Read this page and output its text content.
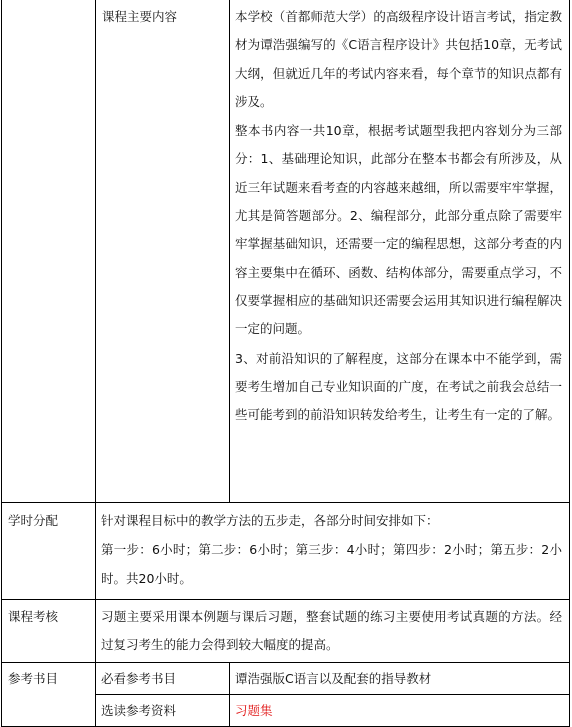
课程主要内容	本学校（首都师范大学）的高级程序设计语言考试，指定教材为谭浩强编写的《C语言程序设计》共包括10章，无考试大纲，但就近几年的考试内容来看，每个章节的知识点都有涉及。

整本书内容一共10章，根据考试题型我把内容划分为三部分：1、基础理论知识，此部分在整本书都会有所涉及，从近三年试题来看考查的内容越来越细，所以需要牢牢掌握，尤其是简答题部分。2、编程部分，此部分重点除了需要牢牢掌握基础知识，还需要一定的编程思想，这部分考查的内容主要集中在循环、函数、结构体部分，需要重点学习，不仅要掌握相应的基础知识还需要会运用其知识进行编程解决一定的问题。

3、对前沿知识的了解程度，这部分在课本中不能学到，需要考生增加自己专业知识面的广度，在考试之前我会总结一些可能考到的前沿知识转发给考生，让考生有一定的了解。

学时分配	针对课程目标中的教学方法的五步走，各部分时间安排如下：

第一步：6小时；第二步：6小时；第三步：4小时；第四步：2小时；第五步：2小时。共20小时。

课程考核	习题主要采用课本例题与课后习题，整套试题的练习主要使用考试真题的方法。经过复习考生的能力会得到较大幅度的提高。

参考书目	必看参考书目	谭浩强版C语言以及配套的指导教材
选读参考资料	习题集
